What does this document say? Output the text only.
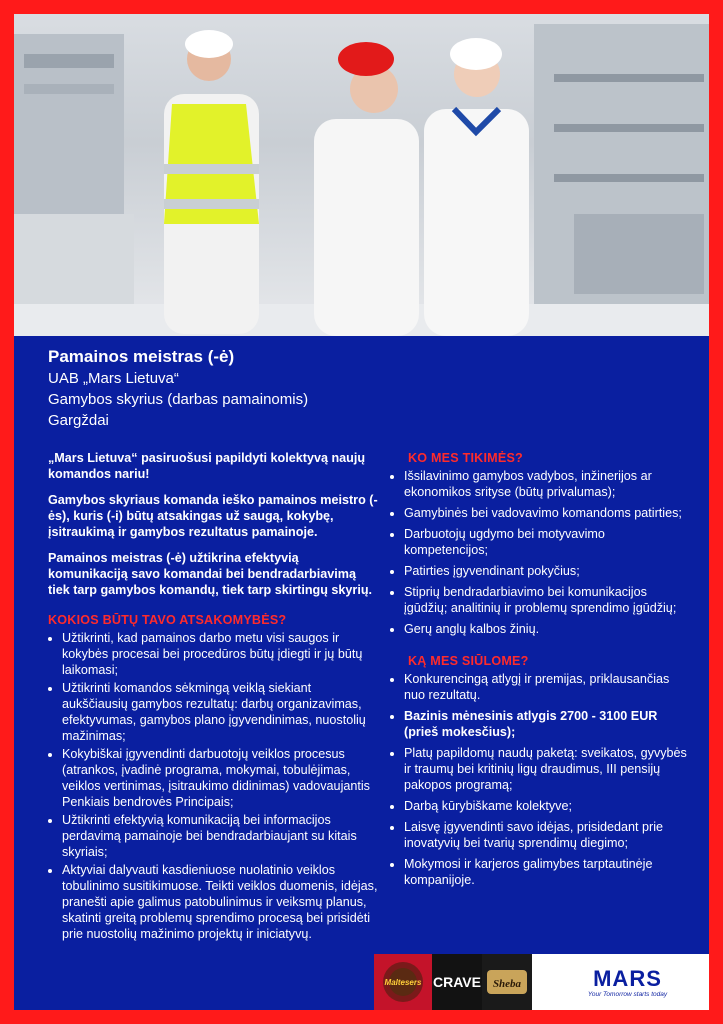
Pamainos meistras (-ė)

UAB „Mars Lietuva“
Gamybos skyrius (darbas pamainomis)
Gargždai

„Mars Lietuva“ pasiruošusi papildyti kolektyvą naujų komandos nariu!

Gamybos skyriaus komanda ieško pamainos meistro (-ės), kuris (-i) būtų atsakingas už saugą, kokybę, įsitraukimą ir gamybos rezultatus pamainoje.

Pamainos meistras (-ė) užtikrina efektyvią komunikaciją savo komandai bei bendradarbiavimą tiek tarp gamybos komandų, tiek tarp skirtingų skyrių.

KOKIOS BŪTŲ TAVO ATSAKOMYBĖS?

• Užtikrinti, kad pamainos darbo metu visi saugos ir kokybės procesai bei procedūros būtų įdiegti ir jų būtų laikomasi;
• Užtikrinti komandos sėkmingą veiklą siekiant aukščiausių gamybos rezultatų: darbų organizavimas, efektyvumas, gamybos plano įgyvendinimas, nuostolių mažinimas;
• Kokybiškai įgyvendinti darbuotojų veiklos procesus (atrankos, įvadinė programa, mokymai, tobulėjimas, veiklos vertinimas, įsitraukimo didinimas) vadovaujantis Penkiais bendrovės Principais;
• Užtikrinti efektyvią komunikaciją bei informacijos perdavimą pamainoje bei bendradarbiaujant su kitais skyriais;
• Aktyviai dalyvauti kasdieniuose nuolatinio veiklos tobulinimo susitikimuose. Teikti veiklos duomenis, idėjas, pranešti apie galimus patobulinimus ir veiksmų planus, skatinti greitą problemų sprendimo procesą bei prisidėti prie nuostolių mažinimo projektų ir iniciatyvų.

KO MES TIKIMĖS?

• Išsilavinimo gamybos vadybos, inžinerijos ar ekonomikos srityse (būtų privalumas);
• Gamybinės bei vadovavimo komandoms patirties;
• Darbuotojų ugdymo bei motyvavimo kompetencijos;
• Patirties įgyvendinant pokyčius;
• Stiprių bendradarbiavimo bei komunikacijos įgūdžių; analitinių ir problemų sprendimo įgūdžių;
• Gerų anglų kalbos žinių.

KĄ MES SIŪLOME?

• Konkurencingą atlygį ir premijas, priklausančias nuo rezultatų.
• Bazinis mėnesinis atlygis 2700 - 3100 EUR (prieš mokesčius);
• Platų papildomų naudų paketą: sveikatos, gyvybės ir traumų bei kritinių ligų draudimus, III pensijų pakopos programą;
• Darbą kūrybiškame kolektyve;
• Laisvę įgyvendinti savo idėjas, prisidedant prie inovatyvių bei tvarių sprendimų diegimo;
• Mokymosi ir karjeros galimybes tarptautinėje kompanijoje.
Maltesers CRAVE Sheba	MARS
Your Tomorrow starts today
